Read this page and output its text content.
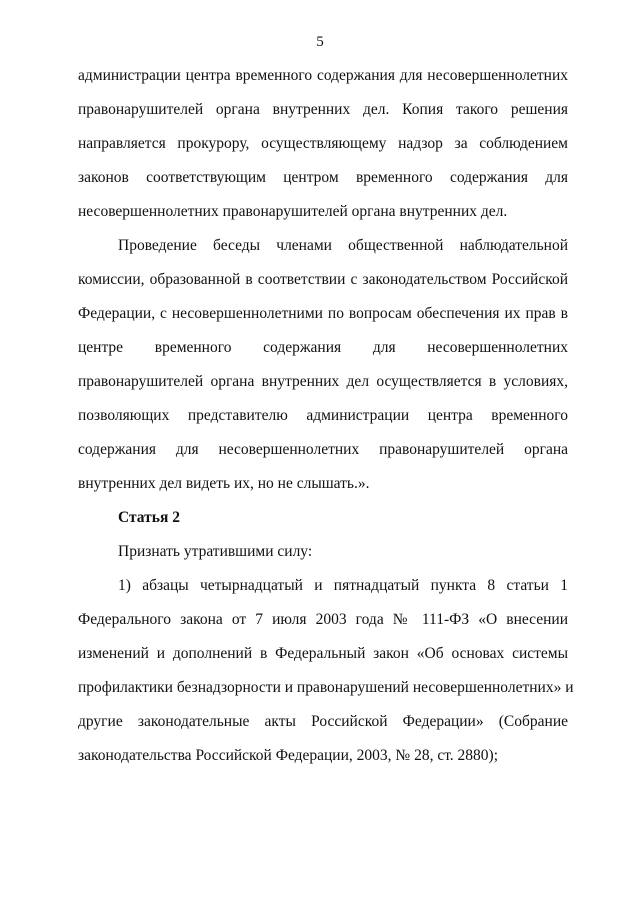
5
администрации центра временного содержания для несовершеннолетних
правонарушителей органа внутренних дел. Копия такого решения
направляется прокурору, осуществляющему надзор за соблюдением
законов соответствующим центром временного содержания для
несовершеннолетних правонарушителей органа внутренних дел.
Проведение беседы членами общественной наблюдательной
комиссии, образованной в соответствии с законодательством Российской
Федерации, с несовершеннолетними по вопросам обеспечения их прав в
центре временного содержания для несовершеннолетних
правонарушителей органа внутренних дел осуществляется в условиях,
позволяющих представителю администрации центра временного
содержания для несовершеннолетних правонарушителей органа
внутренних дел видеть их, но не слышать.».
Статья 2
Признать утратившими силу:
1) абзацы четырнадцатый и пятнадцатый пункта 8 статьи 1
Федерального закона от 7 июля 2003 года № 111-ФЗ «О внесении
изменений и дополнений в Федеральный закон «Об основах системы
профилактики безнадзорности и правонарушений несовершеннолетних» и
другие законодательные акты Российской Федерации» (Собрание
законодательства Российской Федерации, 2003, № 28, ст. 2880);
